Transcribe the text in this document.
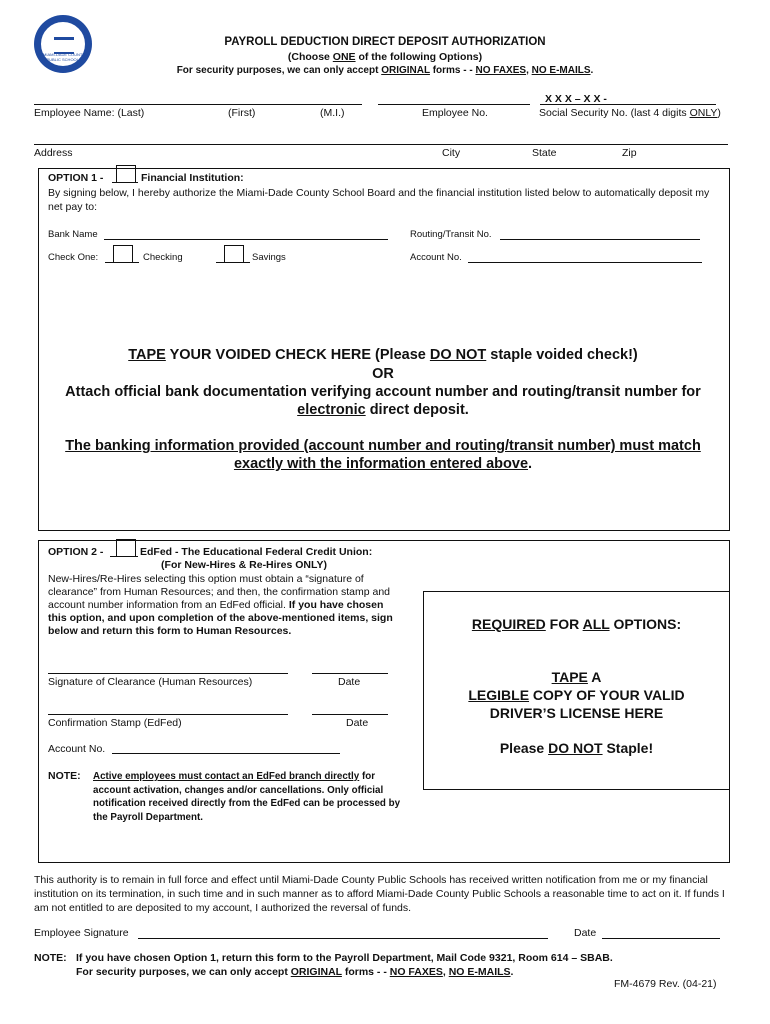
MIAMI-DADE COUNTY PUBLIC SCHOOLS
PAYROLL DEDUCTION DIRECT DEPOSIT AUTHORIZATION
(Choose ONE of the following Options)
For security purposes, we can only accept ORIGINAL forms - - NO FAXES, NO E-MAILS.
X X X – X X -
Employee Name: (Last)	(First)	(M.I.)	Employee No.	Social Security No. (last 4 digits ONLY)
Address	City	State	Zip
OPTION 1 -	Financial Institution:
By signing below, I hereby authorize the Miami-Dade County School Board and the financial institution listed below to automatically deposit my net pay to:
Bank Name	Routing/Transit No.
Check One:	Checking	Savings	Account No.
TAPE YOUR VOIDED CHECK HERE (Please DO NOT staple voided check!)
OR
Attach official bank documentation verifying account number and routing/transit number for
electronic direct deposit.
The banking information provided (account number and routing/transit number) must match
exactly with the information entered above.
OPTION 2 -	EdFed - The Educational Federal Credit Union:
(For New-Hires & Re-Hires ONLY)
New-Hires/Re-Hires selecting this option must obtain a “signature of clearance” from Human Resources; and then, the confirmation stamp and account number information from an EdFed official. If you have chosen this option, and upon completion of the above-mentioned items, sign below and return this form to Human Resources.
Signature of Clearance (Human Resources)	Date
Confirmation Stamp (EdFed)	Date
Account No.
NOTE: Active employees must contact an EdFed branch directly for account activation, changes and/or cancellations. Only official notification received directly from the EdFed can be processed by the Payroll Department.
REQUIRED FOR ALL OPTIONS:
TAPE A
LEGIBLE COPY OF YOUR VALID
DRIVER’S LICENSE HERE
Please DO NOT Staple!
This authority is to remain in full force and effect until Miami-Dade County Public Schools has received written notification from me or my financial institution on its termination, in such time and in such manner as to afford Miami-Dade County Public Schools a reasonable time to act on it. If funds I am not entitled to are deposited to my account, I authorized the reversal of funds.
Employee Signature	Date
NOTE: If you have chosen Option 1, return this form to the Payroll Department, Mail Code 9321, Room 614 – SBAB.
For security purposes, we can only accept ORIGINAL forms - - NO FAXES, NO E-MAILS.
FM-4679 Rev. (04-21)
